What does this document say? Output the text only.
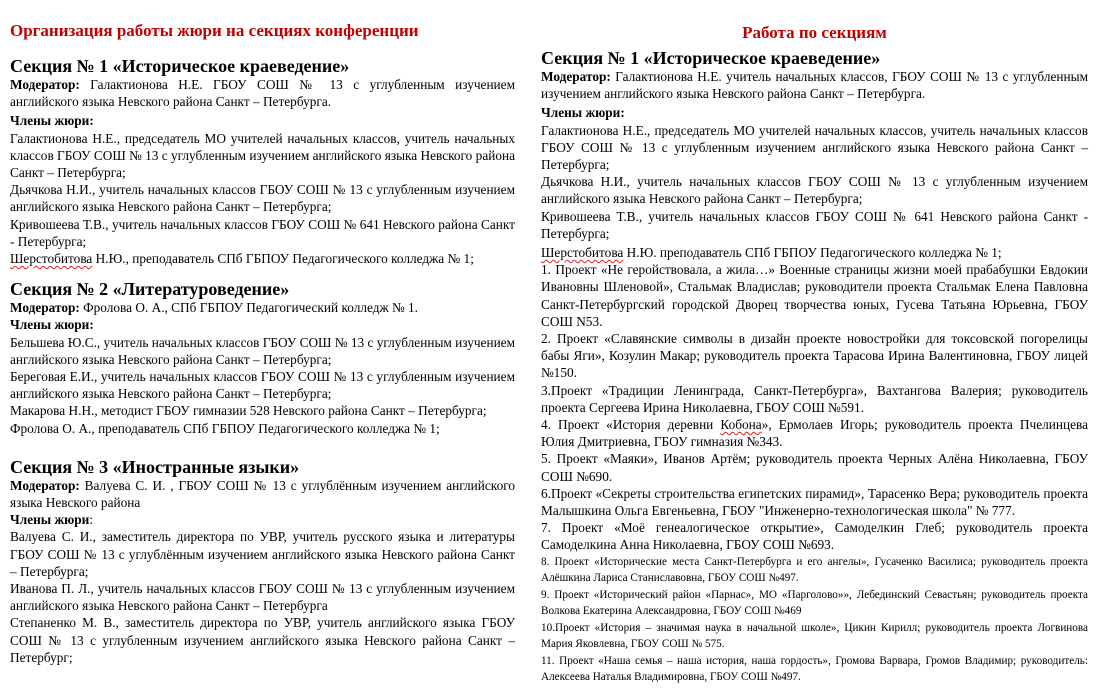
Организация работы жюри на секциях конференции
Секция № 1 «Историческое краеведение»

Модератор: Галактионова Н.Е. ГБОУ СОШ № 13 с углубленным изучением английского языка Невского района Санкт – Петербурга.

Члены жюри:

Галактионова Н.Е., председатель МО учителей начальных классов, учитель начальных классов ГБОУ СОШ № 13 с углубленным изучением английского языка Невского района Санкт – Петербурга;

Дьячкова Н.И., учитель начальных классов ГБОУ СОШ № 13 с углубленным изучением английского языка Невского района Санкт – Петербурга;

Кривошеева Т.В., учитель начальных классов ГБОУ СОШ № 641 Невского района Санкт - Петербурга;

Шерстобитова Н.Ю., преподаватель СПб ГБПОУ Педагогического колледжа № 1;

Секция № 2 «Литературоведение»

Модератор: Фролова О. А., СПб ГБПОУ Педагогический колледж № 1.

Члены жюри:

Бельшева Ю.С., учитель начальных классов ГБОУ СОШ № 13 с углубленным изучением английского языка Невского района Санкт – Петербурга;

Береговая Е.И., учитель начальных классов ГБОУ СОШ № 13 с углубленным изучением английского языка Невского района Санкт – Петербурга;

Макарова Н.Н., методист ГБОУ гимназии 528 Невского района Санкт – Петербурга;

Фролова О. А., преподаватель СПб ГБПОУ Педагогического колледжа № 1;

Секция № 3 «Иностранные языки»

Модератор: Валуева С. И. , ГБОУ СОШ № 13 с углублённым изучением английского языка Невского района

Члены жюри:

Валуева С. И., заместитель директора по УВР, учитель русского языка и литературы ГБОУ СОШ № 13 с углублённым изучением английского языка Невского района Санкт – Петербурга;

Иванова П. Л., учитель начальных классов ГБОУ СОШ № 13 с углубленным изучением английского языка Невского района Санкт – Петербурга

Степаненко М. В., заместитель директора по УВР, учитель английского языка ГБОУ СОШ № 13 с углубленным изучением английского языка Невского района Санкт – Петербург;

Работа по секциям
Секция № 1 «Историческое краеведение»

Модератор: Галактионова Н.Е. учитель начальных классов, ГБОУ СОШ № 13 с углубленным изучением английского языка Невского района Санкт – Петербурга.

Члены жюри:

Галактионова Н.Е., председатель МО учителей начальных классов, учитель начальных классов ГБОУ СОШ № 13 с углубленным изучением английского языка Невского района Санкт – Петербурга;

Дьячкова Н.И., учитель начальных классов ГБОУ СОШ № 13 с углубленным изучением английского языка Невского района Санкт – Петербурга;

Кривошеева Т.В., учитель начальных классов ГБОУ СОШ № 641 Невского района Санкт - Петербурга;

Шерстобитова Н.Ю. преподаватель СПб ГБПОУ Педагогического колледжа № 1;

1. Проект «Не геройствовала, а жила…» Военные страницы жизни моей прабабушки Евдокии Ивановны Шленовой», Стальмак Владислав; руководители проекта Стальмак Елена Павловна Санкт-Петербургский городской Дворец творчества юных, Гусева Татьяна Юрьевна, ГБОУ СОШ N53.

2. Проект «Славянские символы в дизайн проекте новостройки для токсовской погорелицы бабы Яги», Козулин Макар; руководитель проекта Тарасова Ирина Валентиновна, ГБОУ лицей №150.

3.Проект «Традиции Ленинграда, Санкт-Петербурга», Вахтангова Валерия; руководитель проекта Сергеева Ирина Николаевна, ГБОУ СОШ №591.

4. Проект «История деревни Кобона», Ермолаев Игорь; руководитель проекта Пчелинцева Юлия Дмитриевна, ГБОУ гимназия №343.

5. Проект «Маяки», Иванов Артём; руководитель проекта Черных Алёна Николаевна, ГБОУ СОШ №690.

6.Проект «Секреты строительства египетских пирамид», Тарасенко Вера; руководитель проекта Малышкина Ольга Евгеньевна, ГБОУ "Инженерно-технологическая школа" № 777.

7. Проект «Моё генеалогическое открытие», Самоделкин Глеб; руководитель проекта Самоделкина Анна Николаевна, ГБОУ СОШ №693.

8. Проект «Исторические места Санкт-Петербурга и его ангелы», Гусаченко Василиса; руководитель проекта Алёшкина Лариса Станиславовна, ГБОУ СОШ №497.

9. Проект «Исторический район «Парнас», МО «Парголово»», Лебединский Севастьян; руководитель проекта Волкова Екатерина Александровна, ГБОУ СОШ №469

10.Проект «История – значимая наука в начальной школе», Цикин Кирилл; руководитель проекта Логвинова Мария Яковлевна, ГБОУ СОШ № 575.

11. Проект «Наша семья – наша история, наша гордость», Громова Варвара, Громов Владимир; руководитель: Алексеева Наталья Владимировна, ГБОУ СОШ №497.
